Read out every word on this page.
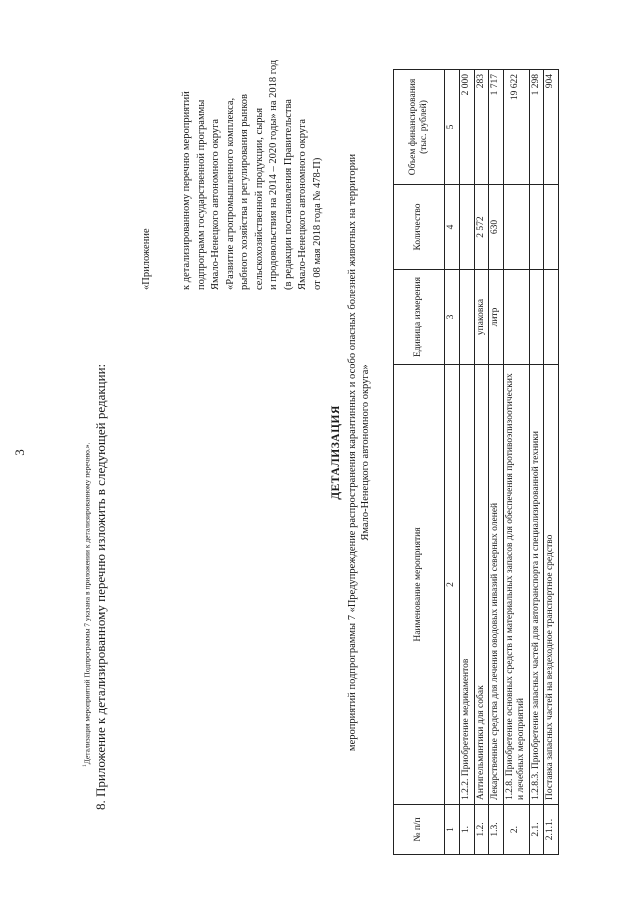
3
$^1$Детализация мероприятий Подпрограммы 7 указана в приложении к детализированному перечню.». 8. Приложение к детализированному перечню изложить в следующей редакции:
«Приложение	к детализированному перечню мероприятий подпрограмм государственной программы Ямало-Ненецкого автономного округа «Развитие агропромышленного комплекса, рыбного хозяйства и регулирования рынков сельскохозяйственной продукции, сырья и продовольствия на 2014 – 2020 годы» на 2018 год (в редакции постановления Правительства Ямало-Ненецкого автономного округа от 08 мая 2018 года № 478-П)
ДЕТАЛИЗАЦИЯ мероприятий подпрограммы 7 «Предупреждение распространения карантинных и особо опасных болезней животных на территории Ямало-Ненецкого автономного округа»
№ п/п	Наименование мероприятия	Единица измерения	Количество	Объем финансирования (тыс. рублей)
1	2	3	4	5
1.	1.2.2. Приобретение медикаментов			2 000
1.2.	Антигельминтики для собак	упаковка	2 572	283
1.3.	Лекарственные средства для лечения оводовых инвазий северных оленей	литр	630	1 717
2.	1.2.8. Приобретение основных средств и материальных запасов для обеспечения противоэпизоотических и лечебных мероприятий			19 622
2.1.	1.2.8.3. Приобретение запасных частей для автотранспорта и специализированной техники			1 298
2.1.1.	Поставка запасных частей на вездеходное транспортное средство			904
